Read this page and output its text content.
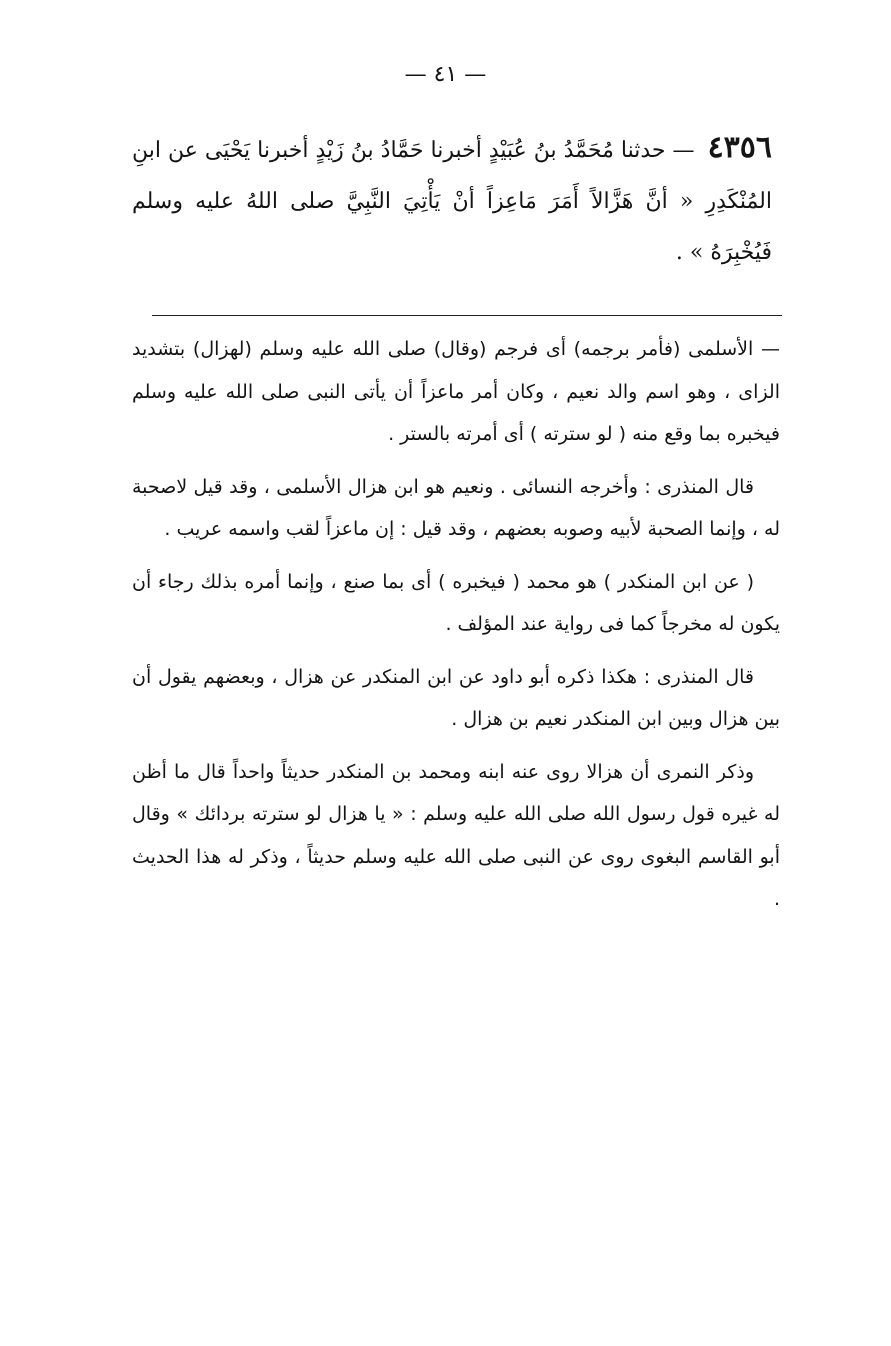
— ٤١ —
٤٣٥٦ — حدثنا مُحَمَّدُ بنُ عُبَيْدٍ أخبرنا حَمَّادُ بنُ زَيْدٍ أخبرنا يَحْيَى عن ابنِ المُنْكَدِرِ « أنَّ هَزَّالاً أَمَرَ مَاعِزاً أنْ يَأْتِيَ النَّبِيَّ صلى اللهُ عليه وسلم فَيُخْبِرَهُ » .

— الأسلمى (فأمر برجمه) أى فرجم (وقال) صلى الله عليه وسلم (لهزال) بتشديد الزاى ، وهو اسم والد نعيم ، وكان أمر ماعزاً أن يأتى النبى صلى الله عليه وسلم فيخبره بما وقع منه ( لو سترته ) أى أمرته بالستر .

قال المنذرى : وأخرجه النسائى . ونعيم هو ابن هزال الأسلمى ، وقد قيل لاصحبة له ، وإنما الصحبة لأبيه وصوبه بعضهم ، وقد قيل : إن ماعزاً لقب واسمه عريب .

( عن ابن المنكدر ) هو محمد ( فيخبره ) أى بما صنع ، وإنما أمره بذلك رجاء أن يكون له مخرجاً كما فى رواية عند المؤلف .

قال المنذرى : هكذا ذكره أبو داود عن ابن المنكدر عن هزال ، وبعضهم يقول أن بين هزال وبين ابن المنكدر نعيم بن هزال .

وذكر النمرى أن هزالا روى عنه ابنه ومحمد بن المنكدر حديثاً واحداً قال ما أظن له غيره قول رسول الله صلى الله عليه وسلم : « يا هزال لو سترته بردائك » وقال أبو القاسم البغوى روى عن النبى صلى الله عليه وسلم حديثاً ، وذكر له هذا الحديث .
